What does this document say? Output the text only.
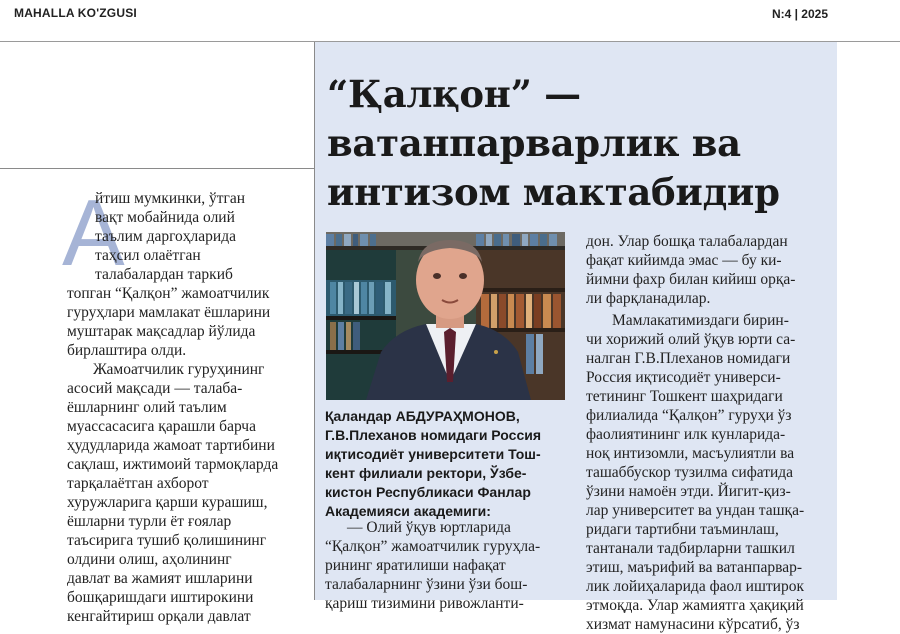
MAHALLA KO'ZGUSI	N:4 | 2025
“Қалқон” —
ватанпарварлик ва
интизом мактабидир
Қаландар АБДУРАҲМОНОВ,
Г.В.Плеханов номидаги Россия
иқтисодиёт университети Тош-
кент филиали ректори, Ўзбе-
кистон Республикаси Фанлар
Академияси академиги:
А
йтиш мумкинки, ўтган
вақт мобайнида олий
таълим даргоҳларида
таҳсил олаётган
талабалардан таркиб
топган “Қалқон” жамоатчилик
гуруҳлари мамлакат ёшларини
муштарак мақсадлар йўлида
бирлаштира олди.
Жамоатчилик гуруҳининг
асосий мақсади — талаба-
ёшларнинг олий таълим
муассасасига қарашли барча
ҳудудларида жамоат тартибини
сақлаш, ижтимоий тармоқларда
тарқалаётган ахборот
хуружларига қарши курашиш,
ёшларни турли ёт ғоялар
таъсирига тушиб қолишининг
олдини олиш, аҳолининг
давлат ва жамият ишларини
бошқаришдаги иштирокини
кенгайтириш орқали давлат
— Олий ўқув юртларида
“Қалқон” жамоатчилик гуруҳла-
рининг яратилиши нафақат
талабаларнинг ўзини ўзи бош-
қариш тизимини ривожланти-
дон. Улар бошқа талабалардан
фақат кийимда эмас — бу ки-
йимни фахр билан кийиш орқа-
ли фарқланадилар.
Мамлакатимиздаги бирин-
чи хорижий олий ўқув юрти са-
налган Г.В.Плеханов номидаги
Россия иқтисодиёт универси-
тетининг Тошкент шаҳридаги
филиалида “Қалқон” гуруҳи ўз
фаолиятининг илк кунларида-
ноқ интизомли, масъулиятли ва
ташаббускор тузилма сифатида
ўзини намоён этди. Йигит-қиз-
лар университет ва ундан ташқа-
ридаги тартибни таъминлаш,
тантанали тадбирларни ташкил
этиш, маърифий ва ватанпарвар-
лик лойиҳаларида фаол иштирок
этмоқда. Улар жамиятга ҳақиқий
хизмат намунасини кўрсатиб, ўз
